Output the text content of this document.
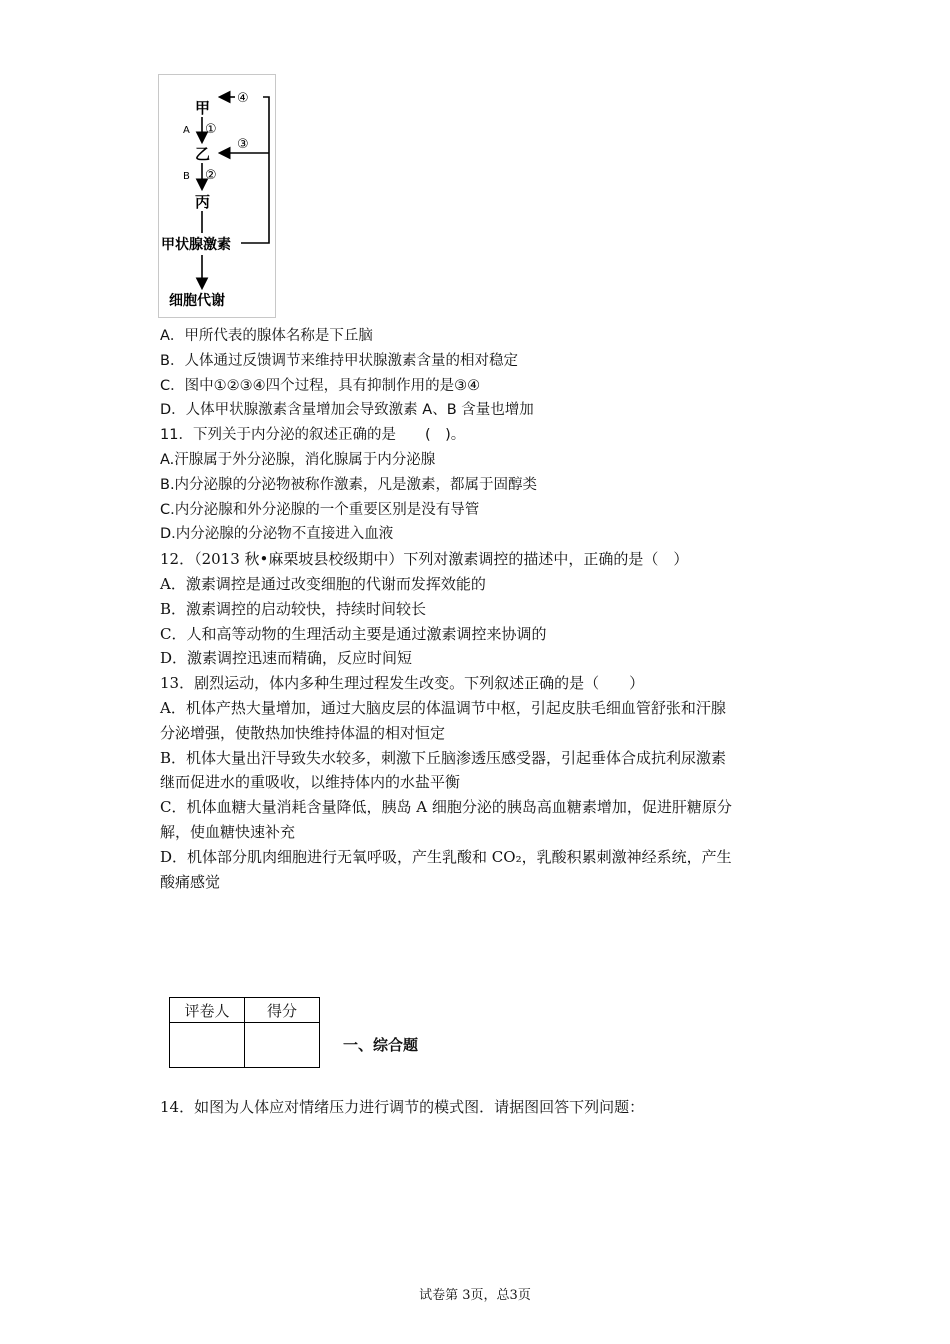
甲
乙
丙
甲状腺激素
细胞代谢
A
B
①
②
③
④
A．甲所代表的腺体名称是下丘脑
B．人体通过反馈调节来维持甲状腺激素含量的相对稳定
C．图中①②③④四个过程，具有抑制作用的是③④
D．人体甲状腺激素含量增加会导致激素 A、B 含量也增加
11．下列关于内分泌的叙述正确的是　　(　)。
A.汗腺属于外分泌腺，消化腺属于内分泌腺
B.内分泌腺的分泌物被称作激素，凡是激素，都属于固醇类
C.内分泌腺和外分泌腺的一个重要区别是没有导管
D.内分泌腺的分泌物不直接进入血液
12．（2013 秋•麻栗坡县校级期中）下列对激素调控的描述中，正确的是（　）
A．激素调控是通过改变细胞的代谢而发挥效能的
B．激素调控的启动较快，持续时间较长
C．人和高等动物的生理活动主要是通过激素调控来协调的
D．激素调控迅速而精确，反应时间短
13．剧烈运动，体内多种生理过程发生改变。下列叙述正确的是（　　）
A．机体产热大量增加，通过大脑皮层的体温调节中枢，引起皮肤毛细血管舒张和汗腺
分泌增强，使散热加快维持体温的相对恒定
B．机体大量出汗导致失水较多，刺激下丘脑渗透压感受器，引起垂体合成抗利尿激素
继而促进水的重吸收，以维持体内的水盐平衡
C．机体血糖大量消耗含量降低，胰岛 A 细胞分泌的胰岛高血糖素增加，促进肝糖原分
解，使血糖快速补充
D．机体部分肌肉细胞进行无氧呼吸，产生乳酸和 CO₂，乳酸积累刺激神经系统，产生
酸痛感觉
评卷人	得分

一、综合题
14．如图为人体应对情绪压力进行调节的模式图．请据图回答下列问题：
试卷第 3页，总3页
